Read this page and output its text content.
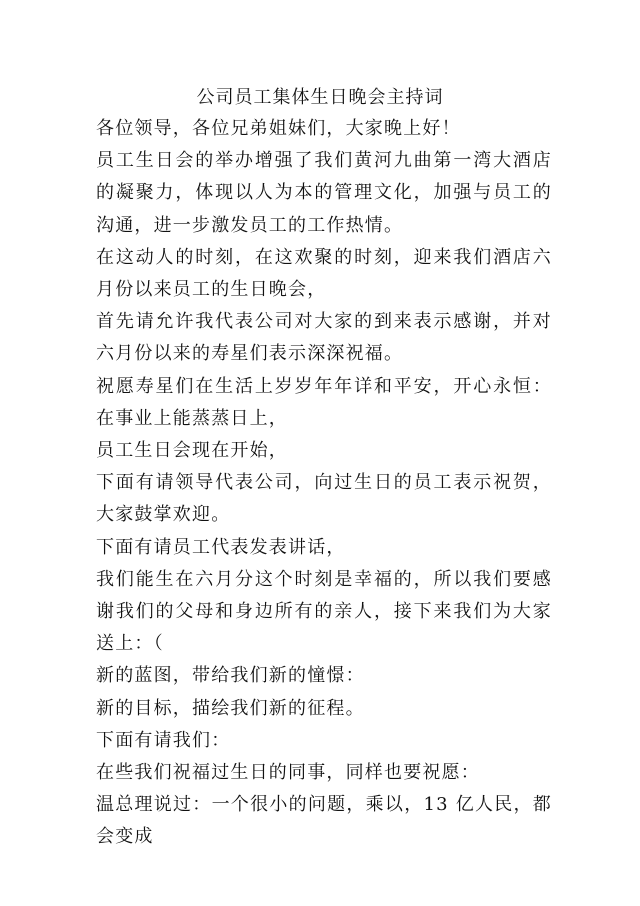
公司员工集体生日晚会主持词

各位领导，各位兄弟姐妹们，大家晚上好！

员工生日会的举办增强了我们黄河九曲第一湾大酒店的凝聚力，体现以人为本的管理文化，加强与员工的沟通，进一步激发员工的工作热情。

在这动人的时刻，在这欢聚的时刻，迎来我们酒店六月份以来员工的生日晚会，

首先请允许我代表公司对大家的到来表示感谢，并对六月份以来的寿星们表示深深祝福。

祝愿寿星们在生活上岁岁年年详和平安，开心永恒：在事业上能蒸蒸日上，

员工生日会现在开始，

下面有请领导代表公司，向过生日的员工表示祝贺，大家鼓掌欢迎。

下面有请员工代表发表讲话，

我们能生在六月分这个时刻是幸福的，所以我们要感谢我们的父母和身边所有的亲人，接下来我们为大家送上：（

新的蓝图，带给我们新的憧憬：

新的目标，描绘我们新的征程。

下面有请我们：

在些我们祝福过生日的同事，同样也要祝愿：

温总理说过：一个很小的问题，乘以，13 亿人民，都会变成
